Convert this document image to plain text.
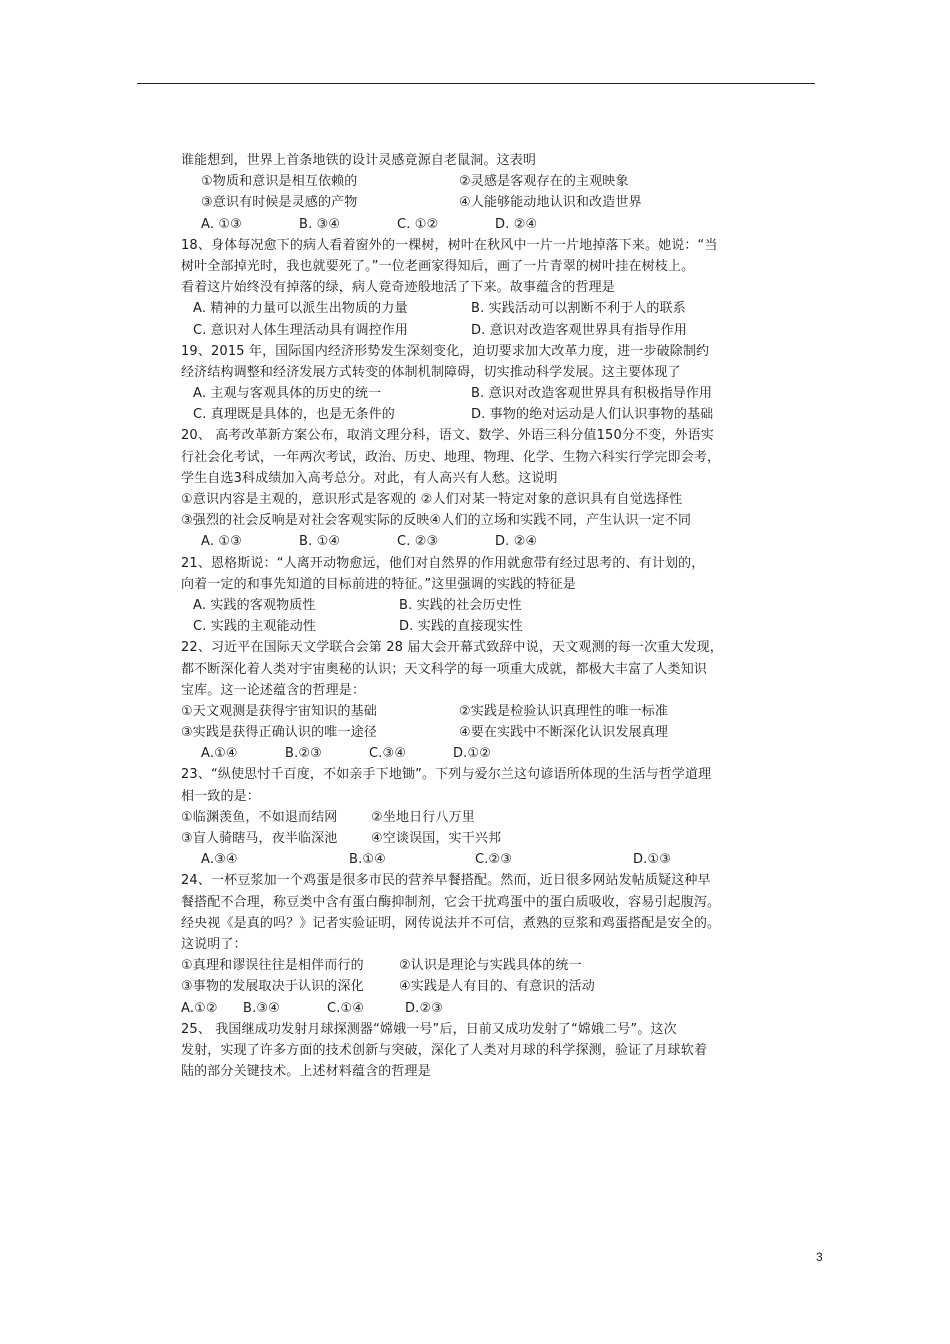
谁能想到，世界上首条地铁的设计灵感竟源自老鼠洞。这表明
①物质和意识是相互依赖的	②灵感是客观存在的主观映象
③意识有时候是灵感的产物	④人能够能动地认识和改造世界
A. ①③	B. ③④	C. ①②	D. ②④
18、身体每况愈下的病人看着窗外的一棵树，树叶在秋风中一片一片地掉落下来。她说：“当
树叶全部掉光时，我也就要死了。”一位老画家得知后，画了一片青翠的树叶挂在树枝上。
看着这片始终没有掉落的绿，病人竟奇迹般地活了下来。故事蕴含的哲理是
A. 精神的力量可以派生出物质的力量	B. 实践活动可以割断不利于人的联系
C. 意识对人体生理活动具有调控作用	D. 意识对改造客观世界具有指导作用
19、2015 年，国际国内经济形势发生深刻变化，迫切要求加大改革力度，进一步破除制约
经济结构调整和经济发展方式转变的体制机制障碍，切实推动科学发展。这主要体现了
A. 主观与客观具体的历史的统一	B. 意识对改造客观世界具有积极指导作用
C. 真理既是具体的，也是无条件的	D. 事物的绝对运动是人们认识事物的基础
20、 高考改革新方案公布，取消文理分科，语文、数学、外语三科分值150分不变，外语实
行社会化考试，一年两次考试，政治、历史、地理、物理、化学、生物六科实行学完即会考，
学生自选3科成绩加入高考总分。对此，有人高兴有人愁。这说明
①意识内容是主观的，意识形式是客观的 ②人们对某一特定对象的意识具有自觉选择性
③强烈的社会反响是对社会客观实际的反映④人们的立场和实践不同，产生认识一定不同
A. ①③	B. ①④	C. ②③	D. ②④
21、恩格斯说：“人离开动物愈远，他们对自然界的作用就愈带有经过思考的、有计划的，
向着一定的和事先知道的目标前进的特征。”这里强调的实践的特征是
A. 实践的客观物质性	B. 实践的社会历史性
C. 实践的主观能动性	D. 实践的直接现实性
22、习近平在国际天文学联合会第 28 届大会开幕式致辞中说，天文观测的每一次重大发现，
都不断深化着人类对宇宙奥秘的认识；天文科学的每一项重大成就，都极大丰富了人类知识
宝库。这一论述蕴含的哲理是：
①天文观测是获得宇宙知识的基础	②实践是检验认识真理性的唯一标准
③实践是获得正确认识的唯一途径	④要在实践中不断深化认识发展真理
A.①④	B.②③	C.③④	D.①②
23、“纵使思忖千百度，不如亲手下地锄”。下列与爱尔兰这句谚语所体现的生活与哲学道理
相一致的是：
①临渊羡鱼，不如退而结网	②坐地日行八万里
③盲人骑瞎马，夜半临深池	④空谈误国，实干兴邦
A.③④	B.①④	C.②③	D.①③
24、一杯豆浆加一个鸡蛋是很多市民的营养早餐搭配。然而，近日很多网站发帖质疑这种早
餐搭配不合理，称豆类中含有蛋白酶抑制剂，它会干扰鸡蛋中的蛋白质吸收，容易引起腹泻。
经央视《是真的吗？》记者实验证明，网传说法并不可信，煮熟的豆浆和鸡蛋搭配是安全的。
这说明了：
①真理和谬误往往是相伴而行的	②认识是理论与实践具体的统一
③事物的发展取决于认识的深化	④实践是人有目的、有意识的活动
A.①② B.③④	C.①④	D.②③
25、 我国继成功发射月球探测器“嫦娥一号”后，日前又成功发射了“嫦娥二号”。这次
发射，实现了许多方面的技术创新与突破，深化了人类对月球的科学探测，验证了月球软着
陆的部分关键技术。上述材料蕴含的哲理是
3
